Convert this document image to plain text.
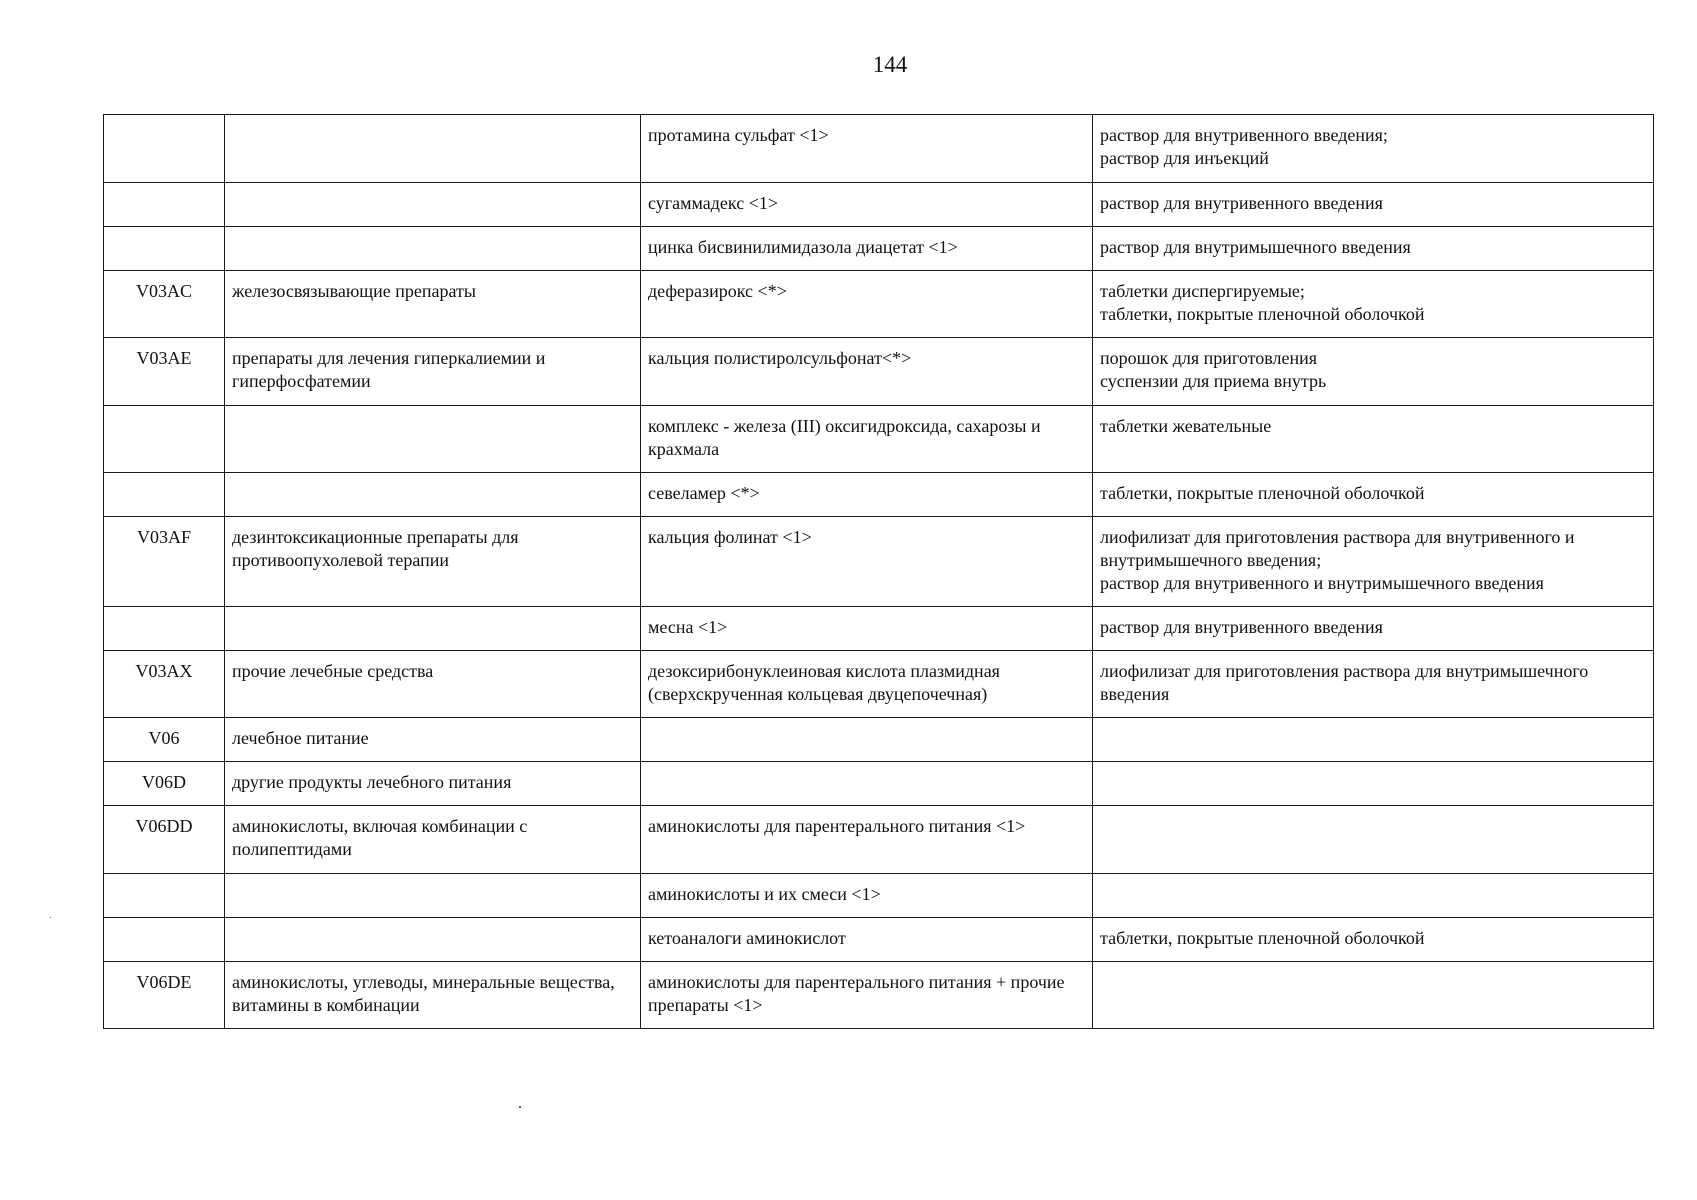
144
		протамина сульфат <1>	раствор для внутривенного введения;
раствор для инъекций
		сугаммадекс <1>	раствор для внутривенного введения
		цинка бисвинилимидазола диацетат <1>	раствор для внутримышечного введения
V03AC	железосвязывающие препараты	деферазирокс <*>	таблетки диспергируемые;
таблетки, покрытые пленочной оболочкой
V03AE	препараты для лечения гиперкалиемии и гиперфосфатемии	кальция полистиролсульфонат<*>	порошок для приготовления
суспензии для приема внутрь
		комплекс - железа (III) оксигидроксида, сахарозы и крахмала	таблетки жевательные
		севеламер <*>	таблетки, покрытые пленочной оболочкой
V03AF	дезинтоксикационные препараты для противоопухолевой терапии	кальция фолинат <1>	лиофилизат для приготовления раствора для внутривенного и внутримышечного введения;
раствор для внутривенного и внутримышечного введения
		месна <1>	раствор для внутривенного введения
V03AX	прочие лечебные средства	дезоксирибонуклеиновая кислота плазмидная (сверхскрученная кольцевая двуцепочечная)	лиофилизат для приготовления раствора для внутримышечного введения
V06	лечебное питание		
V06D	другие продукты лечебного питания		
V06DD	аминокислоты, включая комбинации с полипептидами	аминокислоты для парентерального питания <1>	
		аминокислоты и их смеси <1>	
		кетоаналоги аминокислот	таблетки, покрытые пленочной оболочкой
V06DE	аминокислоты, углеводы, минеральные вещества, витамины в комбинации	аминокислоты для парентерального питания + прочие препараты <1>	
